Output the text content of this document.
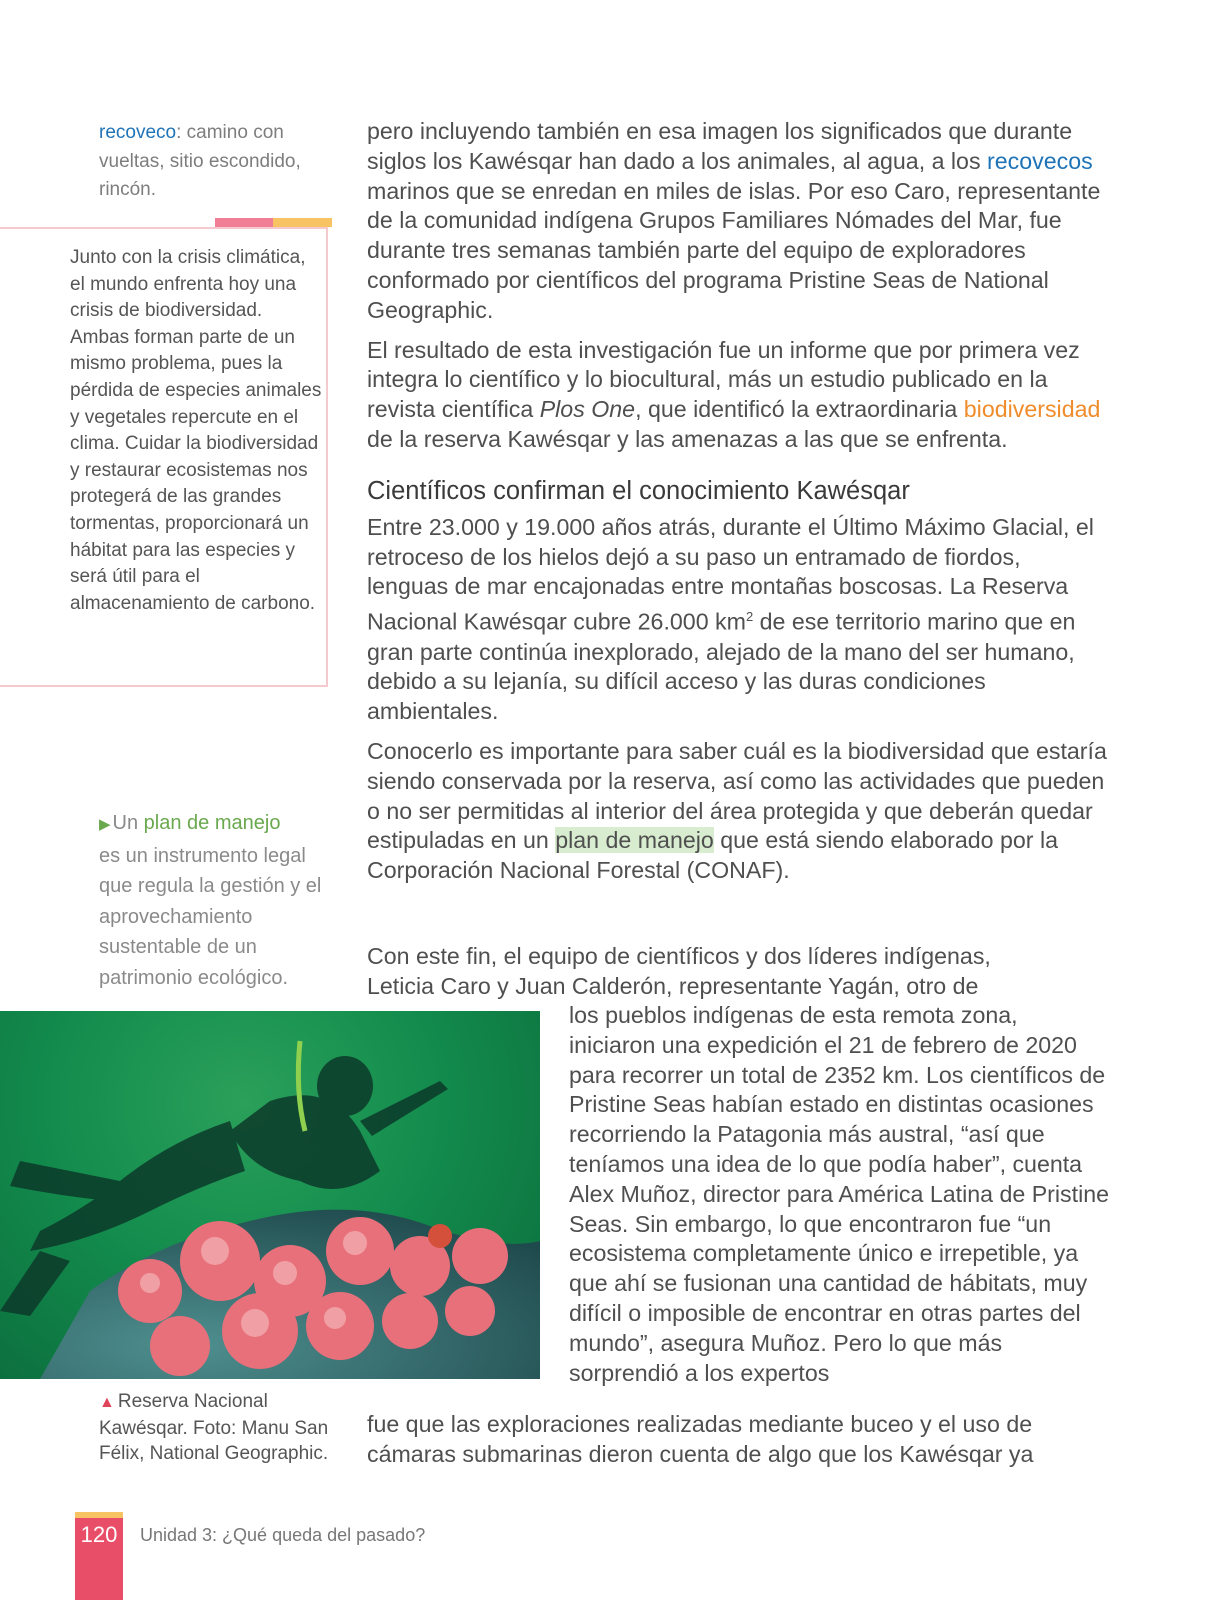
recoveco: camino con vueltas, sitio escondido, rincón.
Junto con la crisis climática, el mundo enfrenta hoy una crisis de biodiversidad. Ambas forman parte de un mismo problema, pues la pérdida de especies animales y vegetales repercute en el clima. Cuidar la biodiversidad y restaurar ecosistemas nos protegerá de las grandes tormentas, proporcionará un hábitat para las especies y será útil para el almacenamiento de carbono.
▶ Un plan de manejo
es un instrumento legal que regula la gestión y el aprovechamiento sustentable de un patrimonio ecológico.
▲ Reserva Nacional Kawésqar. Foto: Manu San Félix, National Geographic.

pero incluyendo también en esa imagen los significados que durante siglos los Kawésqar han dado a los animales, al agua, a los recovecos marinos que se enredan en miles de islas. Por eso Caro, representante de la comunidad indígena Grupos Familiares Nómades del Mar, fue durante tres semanas también parte del equipo de exploradores conformado por científicos del programa Pristine Seas de National Geographic.

El resultado de esta investigación fue un informe que por primera vez integra lo científico y lo biocultural, más un estudio publicado en la revista científica Plos One, que identificó la extraordinaria biodiversidad de la reserva Kawésqar y las amenazas a las que se enfrenta.

Científicos confirman el conocimiento Kawésqar

Entre 23.000 y 19.000 años atrás, durante el Último Máximo Glacial, el retroceso de los hielos dejó a su paso un entramado de fiordos, lenguas de mar encajonadas entre montañas boscosas. La Reserva Nacional Kawésqar cubre 26.000 $km^2$ de ese territorio marino que en gran parte continúa inexplorado, alejado de la mano del ser humano, debido a su lejanía, su difícil acceso y las duras condiciones ambientales.

Conocerlo es importante para saber cuál es la biodiversidad que estaría siendo conservada por la reserva, así como las actividades que pueden o no ser permitidas al interior del área protegida y que deberán quedar estipuladas en un plan de manejo que está siendo elaborado por la Corporación Nacional Forestal (CONAF).

Con este fin, el equipo de científicos y dos líderes indígenas,
Leticia Caro y Juan Calderón, representante Yagán, otro de
los pueblos indígenas de esta remota zona, iniciaron una expedición el 21 de febrero de 2020 para recorrer un total de 2352 km. Los científicos de Pristine Seas habían estado en distintas ocasiones recorriendo la Patagonia más austral, “así que teníamos una idea de lo que podía haber”, cuenta Alex Muñoz, director para América Latina de Pristine Seas. Sin embargo, lo que encontraron fue “un ecosistema completamente único e irrepetible, ya que ahí se fusionan una cantidad de hábitats, muy difícil o imposible de encontrar en otras partes del mundo”, asegura Muñoz. Pero lo que más sorprendió a los expertos
fue que las exploraciones realizadas mediante buceo y el uso de cámaras submarinas dieron cuenta de algo que los Kawésqar ya
120	Unidad 3: ¿Qué queda del pasado?
